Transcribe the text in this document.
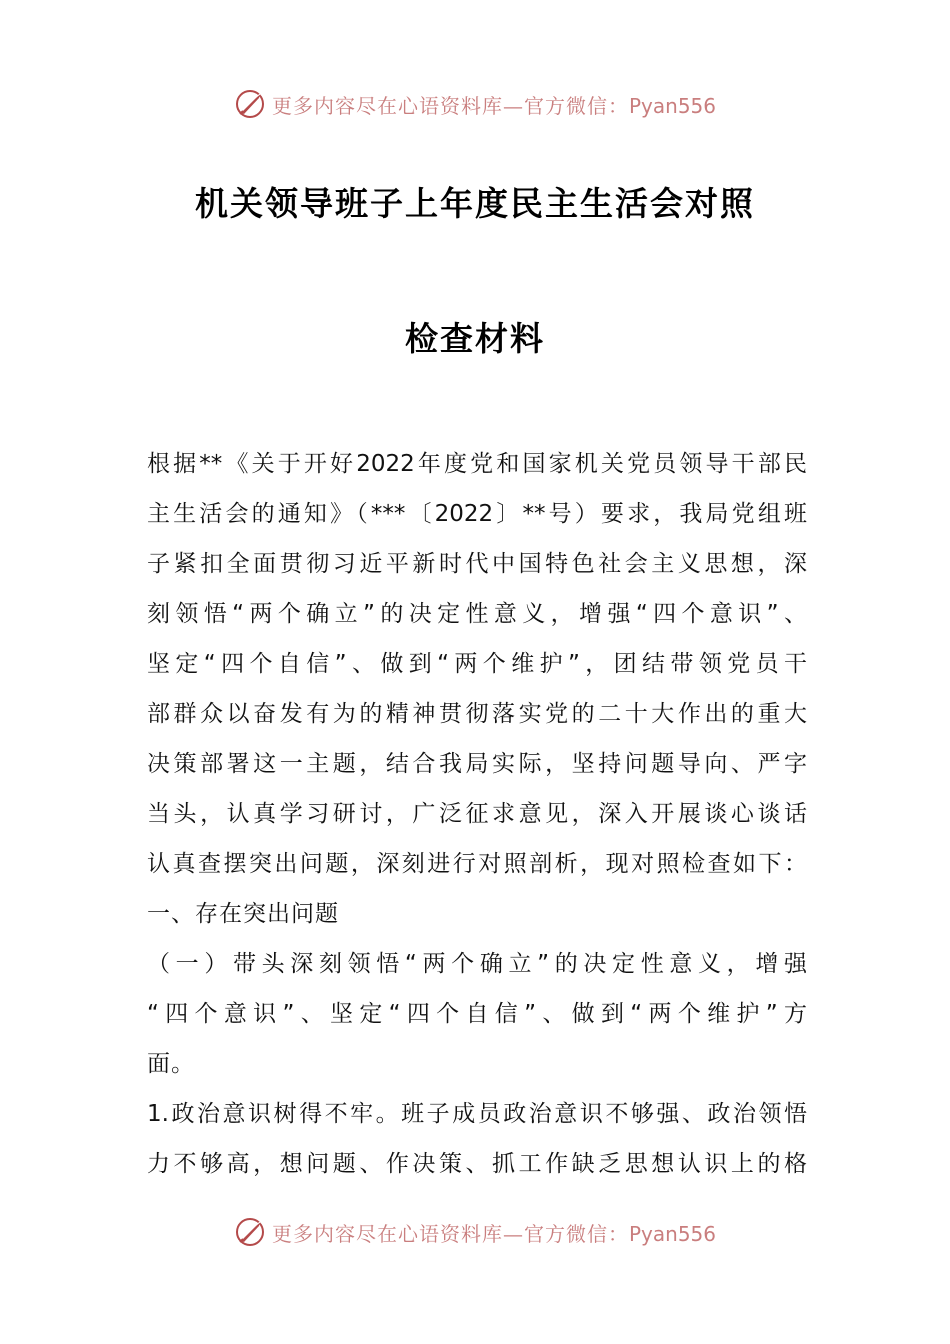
更多内容尽在心语资料库—官方微信：Pyan556
机关领导班子上年度民主生活会对照
检查材料
根据**《关于开好2022年度党和国家机关党员领导干部民
主生活会的通知》（***〔2022〕**号）要求，我局党组班
子紧扣全面贯彻习近平新时代中国特色社会主义思想，深
刻领悟“两个确立”的决定性意义，增强“四个意识”、
坚定“四个自信”、做到“两个维护”，团结带领党员干
部群众以奋发有为的精神贯彻落实党的二十大作出的重大
决策部署这一主题，结合我局实际，坚持问题导向、严字
当头，认真学习研讨，广泛征求意见，深入开展谈心谈话
认真查摆突出问题，深刻进行对照剖析，现对照检查如下：
一、存在突出问题
（一）带头深刻领悟“两个确立”的决定性意义，增强
“四个意识”、坚定“四个自信”、做到“两个维护”方
面。
1.政治意识树得不牢。班子成员政治意识不够强、政治领悟
力不够高，想问题、作决策、抓工作缺乏思想认识上的格
更多内容尽在心语资料库—官方微信：Pyan556
